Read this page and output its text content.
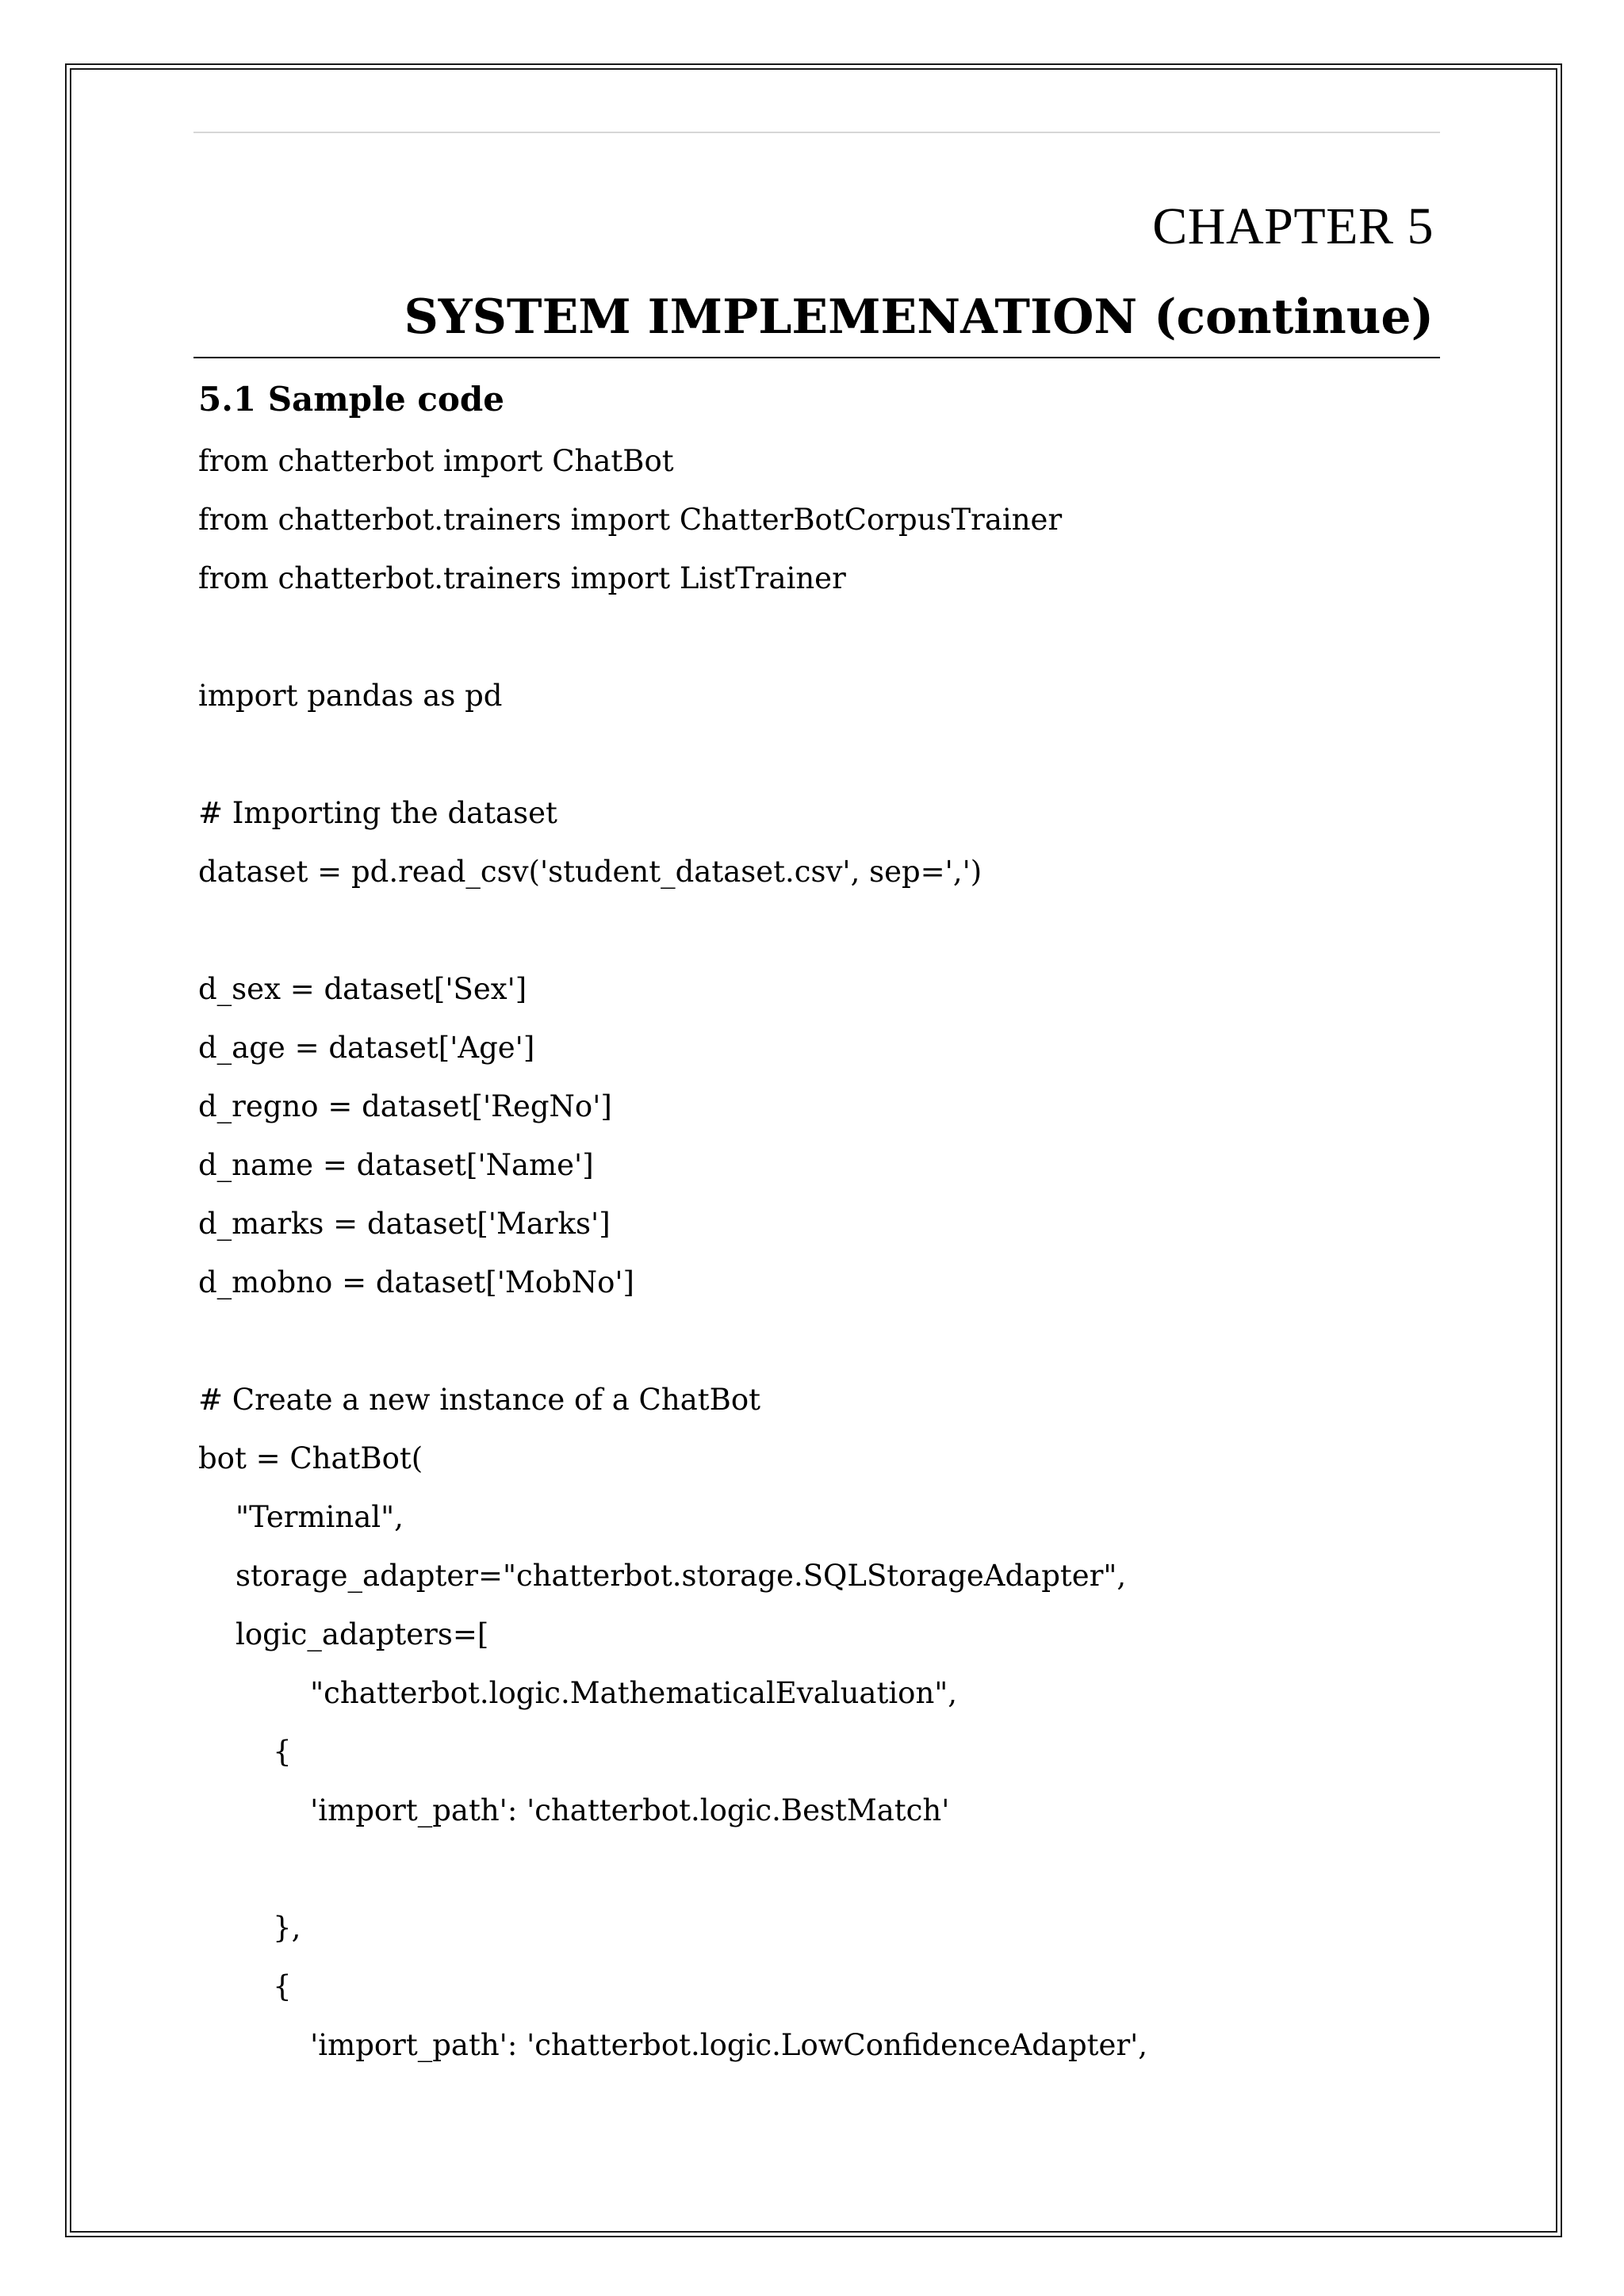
CHAPTER 5
SYSTEM IMPLEMENATION (continue)
5.1 Sample code
from chatterbot import ChatBot
from chatterbot.trainers import ChatterBotCorpusTrainer
from chatterbot.trainers import ListTrainer
import pandas as pd
# Importing the dataset
dataset = pd.read_csv('student_dataset.csv', sep=',')
d_sex = dataset['Sex']
d_age = dataset['Age']
d_regno = dataset['RegNo']
d_name = dataset['Name']
d_marks = dataset['Marks']
d_mobno = dataset['MobNo']
# Create a new instance of a ChatBot
bot = ChatBot(
"Terminal",
storage_adapter="chatterbot.storage.SQLStorageAdapter",
logic_adapters=[
"chatterbot.logic.MathematicalEvaluation",
{
'import_path': 'chatterbot.logic.BestMatch'
},
{
'import_path': 'chatterbot.logic.LowConfidenceAdapter',
